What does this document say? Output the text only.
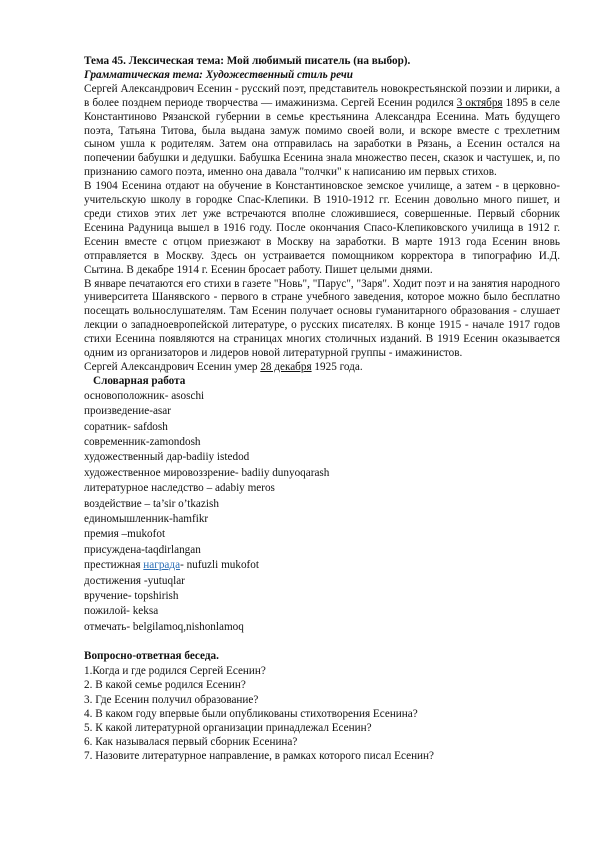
Тема 45. Лексическая тема: Мой любимый писатель (на выбор).
Грамматическая тема: Художественный стиль речи

Сергей Александрович Есенин - русский поэт, представитель новокрестьянской поэзии и лирики, а в более позднем периоде творчества — имажинизма. Сергей Есенин родился 3 октября 1895 в селе Константиново Рязанской губернии в семье крестьянина Александра Есенина. Мать будущего поэта, Татьяна Титова, была выдана замуж помимо своей воли, и вскоре вместе с трехлетним сыном ушла к родителям. Затем она отправилась на заработки в Рязань, а Есенин остался на попечении бабушки и дедушки. Бабушка Есенина знала множество песен, сказок и частушек, и, по признанию самого поэта, именно она давала "толчки" к написанию им первых стихов.

В 1904 Есенина отдают на обучение в Константиновское земское училище, а затем - в церковно-учительскую школу в городке Спас-Клепики. В 1910-1912 гг. Есенин довольно много пишет, и среди стихов этих лет уже встречаются вполне сложившиеся, совершенные. Первый сборник Есенина Радуница вышел в 1916 году. После окончания Спасо-Клепиковского училища в 1912 г. Есенин вместе с отцом приезжают в Москву на заработки. В марте 1913 года Есенин вновь отправляется в Москву. Здесь он устраивается помощником корректора в типографию И.Д. Сытина. В декабре 1914 г. Есенин бросает работу. Пишет целыми днями.

В январе печатаются его стихи в газете "Новь", "Парус", "Заря". Ходит поэт и на занятия народного университета Шанявского - первого в стране учебного заведения, которое можно было бесплатно посещать вольнослушателям. Там Есенин получает основы гуманитарного образования - слушает лекции о западноевропейской литературе, о русских писателях. В конце 1915 - начале 1917 годов стихи Есенина появляются на страницах многих столичных изданий. В 1919 Есенин оказывается одним из организаторов и лидеров новой литературной группы - имажинистов.

Сергей Александрович Есенин умер 28 декабря 1925 года.

Словарная работа
основоположник- asoschi
произведение-asar
соратник- safdosh
современник-zamondosh
художественный дар-badiiy istedod
художественное мировоззрение- badiiy dunyoqarash
литературное наследство – adabiy meros
воздействие – ta’sir o’tkazish
единомышленник-hamfikr
премия –mukofot
присуждена-taqdirlangan
престижная награда- nufuzli mukofot
достижения -yutuqlar
вручение- topshirish
пожилой- keksa
отмечать- belgilamoq,nishonlamoq
Вопросно-ответная беседа.
1.Когда и где родился Сергей Есенин?
2. В какой семье родился Есенин?
3. Где Есенин получил образование?
4. В каком году впервые были опубликованы стихотворения Есенина?
5. К какой литературной организации принадлежал Есенин?
6. Как называлася первый сборник Есенина?
7. Назовите литературное направление, в рамках которого писал Есенин?
